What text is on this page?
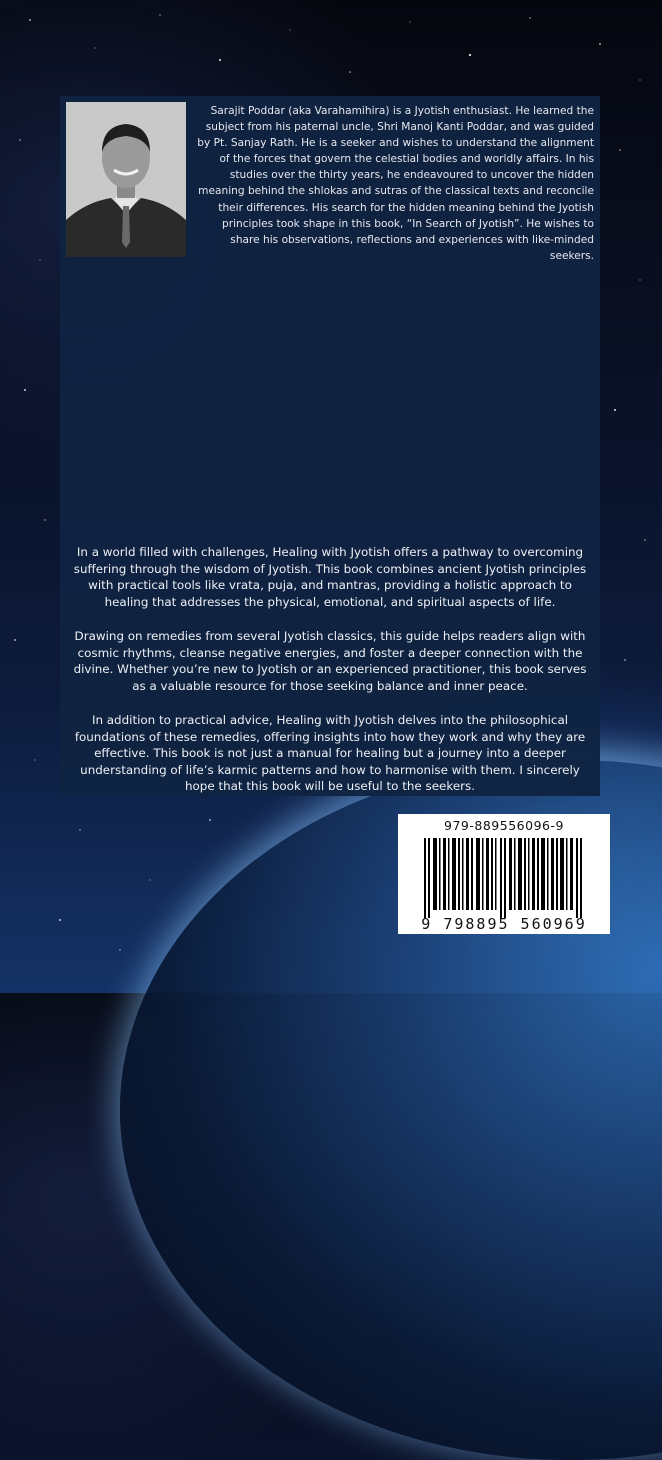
Sarajit Poddar (aka Varahamihira) is a Jyotish enthusiast. He learned the subject from his paternal uncle, Shri Manoj Kanti Poddar, and was guided by Pt. Sanjay Rath. He is a seeker and wishes to understand the alignment of the forces that govern the celestial bodies and worldly affairs. In his studies over the thirty years, he endeavoured to uncover the hidden meaning behind the shlokas and sutras of the classical texts and reconcile their differences. His search for the hidden meaning behind the Jyotish principles took shape in this book, “In Search of Jyotish”. He wishes to share his observations, reflections and experiences with like-minded seekers.

In a world filled with challenges, Healing with Jyotish offers a pathway to overcoming suffering through the wisdom of Jyotish. This book combines ancient Jyotish principles with practical tools like vrata, puja, and mantras, providing a holistic approach to healing that addresses the physical, emotional, and spiritual aspects of life.

Drawing on remedies from several Jyotish classics, this guide helps readers align with cosmic rhythms, cleanse negative energies, and foster a deeper connection with the divine. Whether you’re new to Jyotish or an experienced practitioner, this book serves as a valuable resource for those seeking balance and inner peace.

In addition to practical advice, Healing with Jyotish delves into the philosophical foundations of these remedies, offering insights into how they work and why they are effective. This book is not just a manual for healing but a journey into a deeper understanding of life’s karmic patterns and how to harmonise with them. I sincerely hope that this book will be useful to the seekers.

979-889556096-9
9 798895 560969
